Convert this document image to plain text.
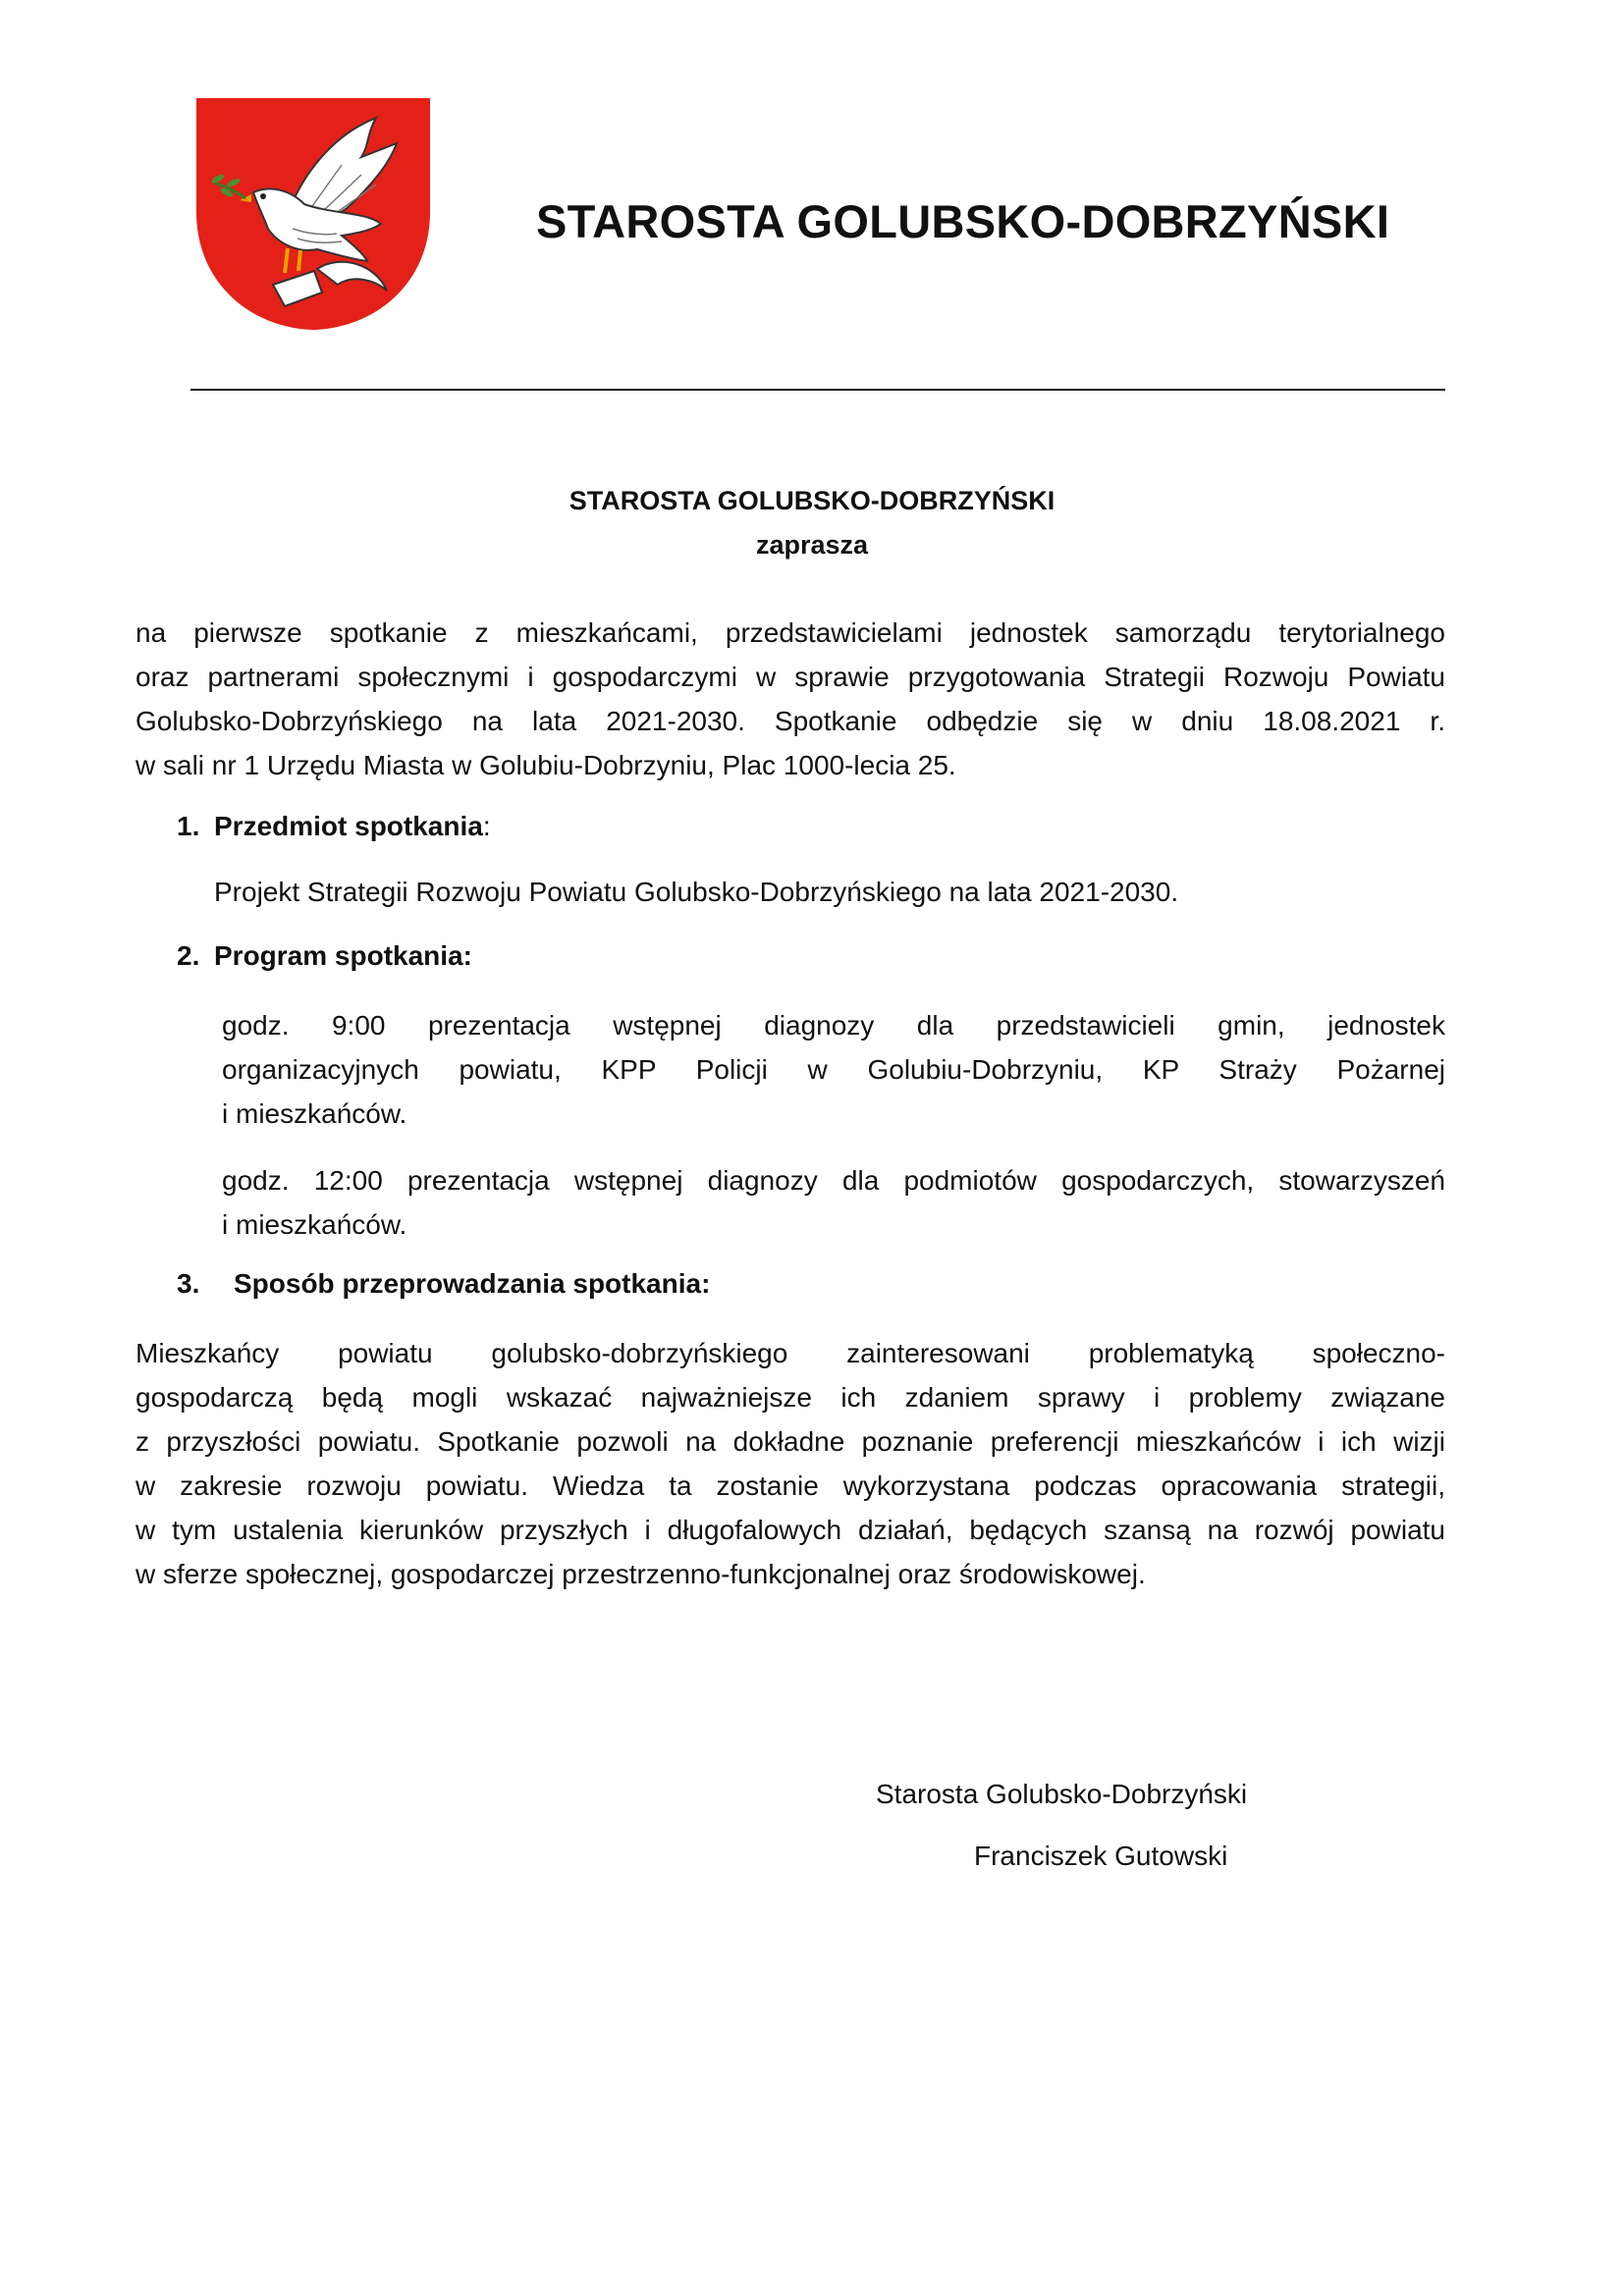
STAROSTA GOLUBSKO-DOBRZYŃSKI
STAROSTA GOLUBSKO-DOBRZYŃSKI
zaprasza
na pierwsze spotkanie z mieszkańcami, przedstawicielami jednostek samorządu terytorialnego
oraz partnerami społecznymi i gospodarczymi w sprawie przygotowania Strategii Rozwoju Powiatu
Golubsko-Dobrzyńskiego na lata 2021-2030. Spotkanie odbędzie się w dniu 18.08.2021 r.
w sali nr 1 Urzędu Miasta w Golubiu-Dobrzyniu, Plac 1000-lecia 25.
1. Przedmiot spotkania:
Projekt Strategii Rozwoju Powiatu Golubsko-Dobrzyńskiego na lata 2021-2030.
2. Program spotkania:
godz. 9:00 prezentacja wstępnej diagnozy dla przedstawicieli gmin, jednostek
organizacyjnych powiatu, KPP Policji w Golubiu-Dobrzyniu, KP Straży Pożarnej
i mieszkańców.
godz. 12:00 prezentacja wstępnej diagnozy dla podmiotów gospodarczych, stowarzyszeń
i mieszkańców.
3. Sposób przeprowadzania spotkania:
Mieszkańcy powiatu golubsko-dobrzyńskiego zainteresowani problematyką społeczno-
gospodarczą będą mogli wskazać najważniejsze ich zdaniem sprawy i problemy związane
z przyszłości powiatu. Spotkanie pozwoli na dokładne poznanie preferencji mieszkańców i ich wizji
w zakresie rozwoju powiatu. Wiedza ta zostanie wykorzystana podczas opracowania strategii,
w tym ustalenia kierunków przyszłych i długofalowych działań, będących szansą na rozwój powiatu
w sferze społecznej, gospodarczej przestrzenno-funkcjonalnej oraz środowiskowej.
Starosta Golubsko-Dobrzyński
Franciszek Gutowski
